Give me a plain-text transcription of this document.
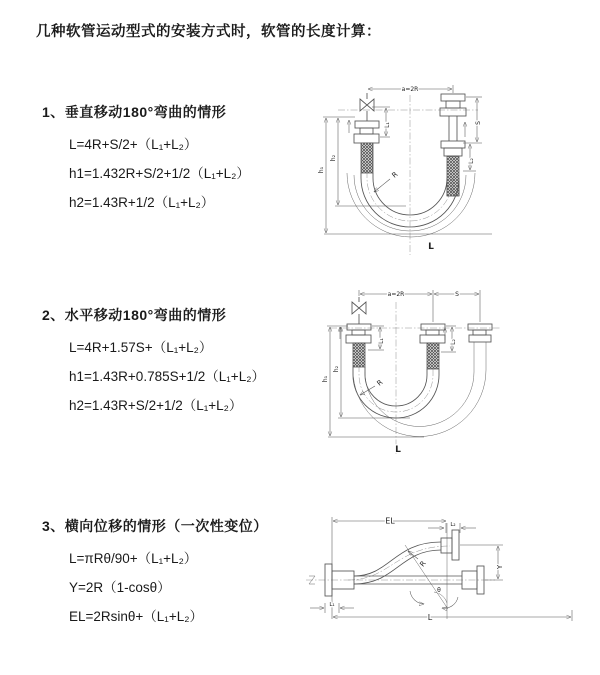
几种软管运动型式的安装方式时，软管的长度计算：
1、垂直移动180°弯曲的情形
L=4R+S/2+（L₁+L₂）
h1=1.432R+S/2+1/2（L₁+L₂）
h2=1.43R+1/2（L₁+L₂）
2、水平移动180°弯曲的情形
L=4R+1.57S+（L₁+L₂）
h1=1.43R+0.785S+1/2（L₁+L₂）
h2=1.43R+S/2+1/2（L₁+L₂）
3、横向位移的情形（一次性变位）
L=πRθ/90+（L₁+L₂）
Y=2R（1-cosθ）
EL=2Rsinθ+（L₁+L₂）
a=2R
S
L₂
L₁
h₁
h₂
R
L
a=2R	S
L₁	L₂
h₁
h₂
R
L
θ
EL	L₂
Y
L₁
L
R
